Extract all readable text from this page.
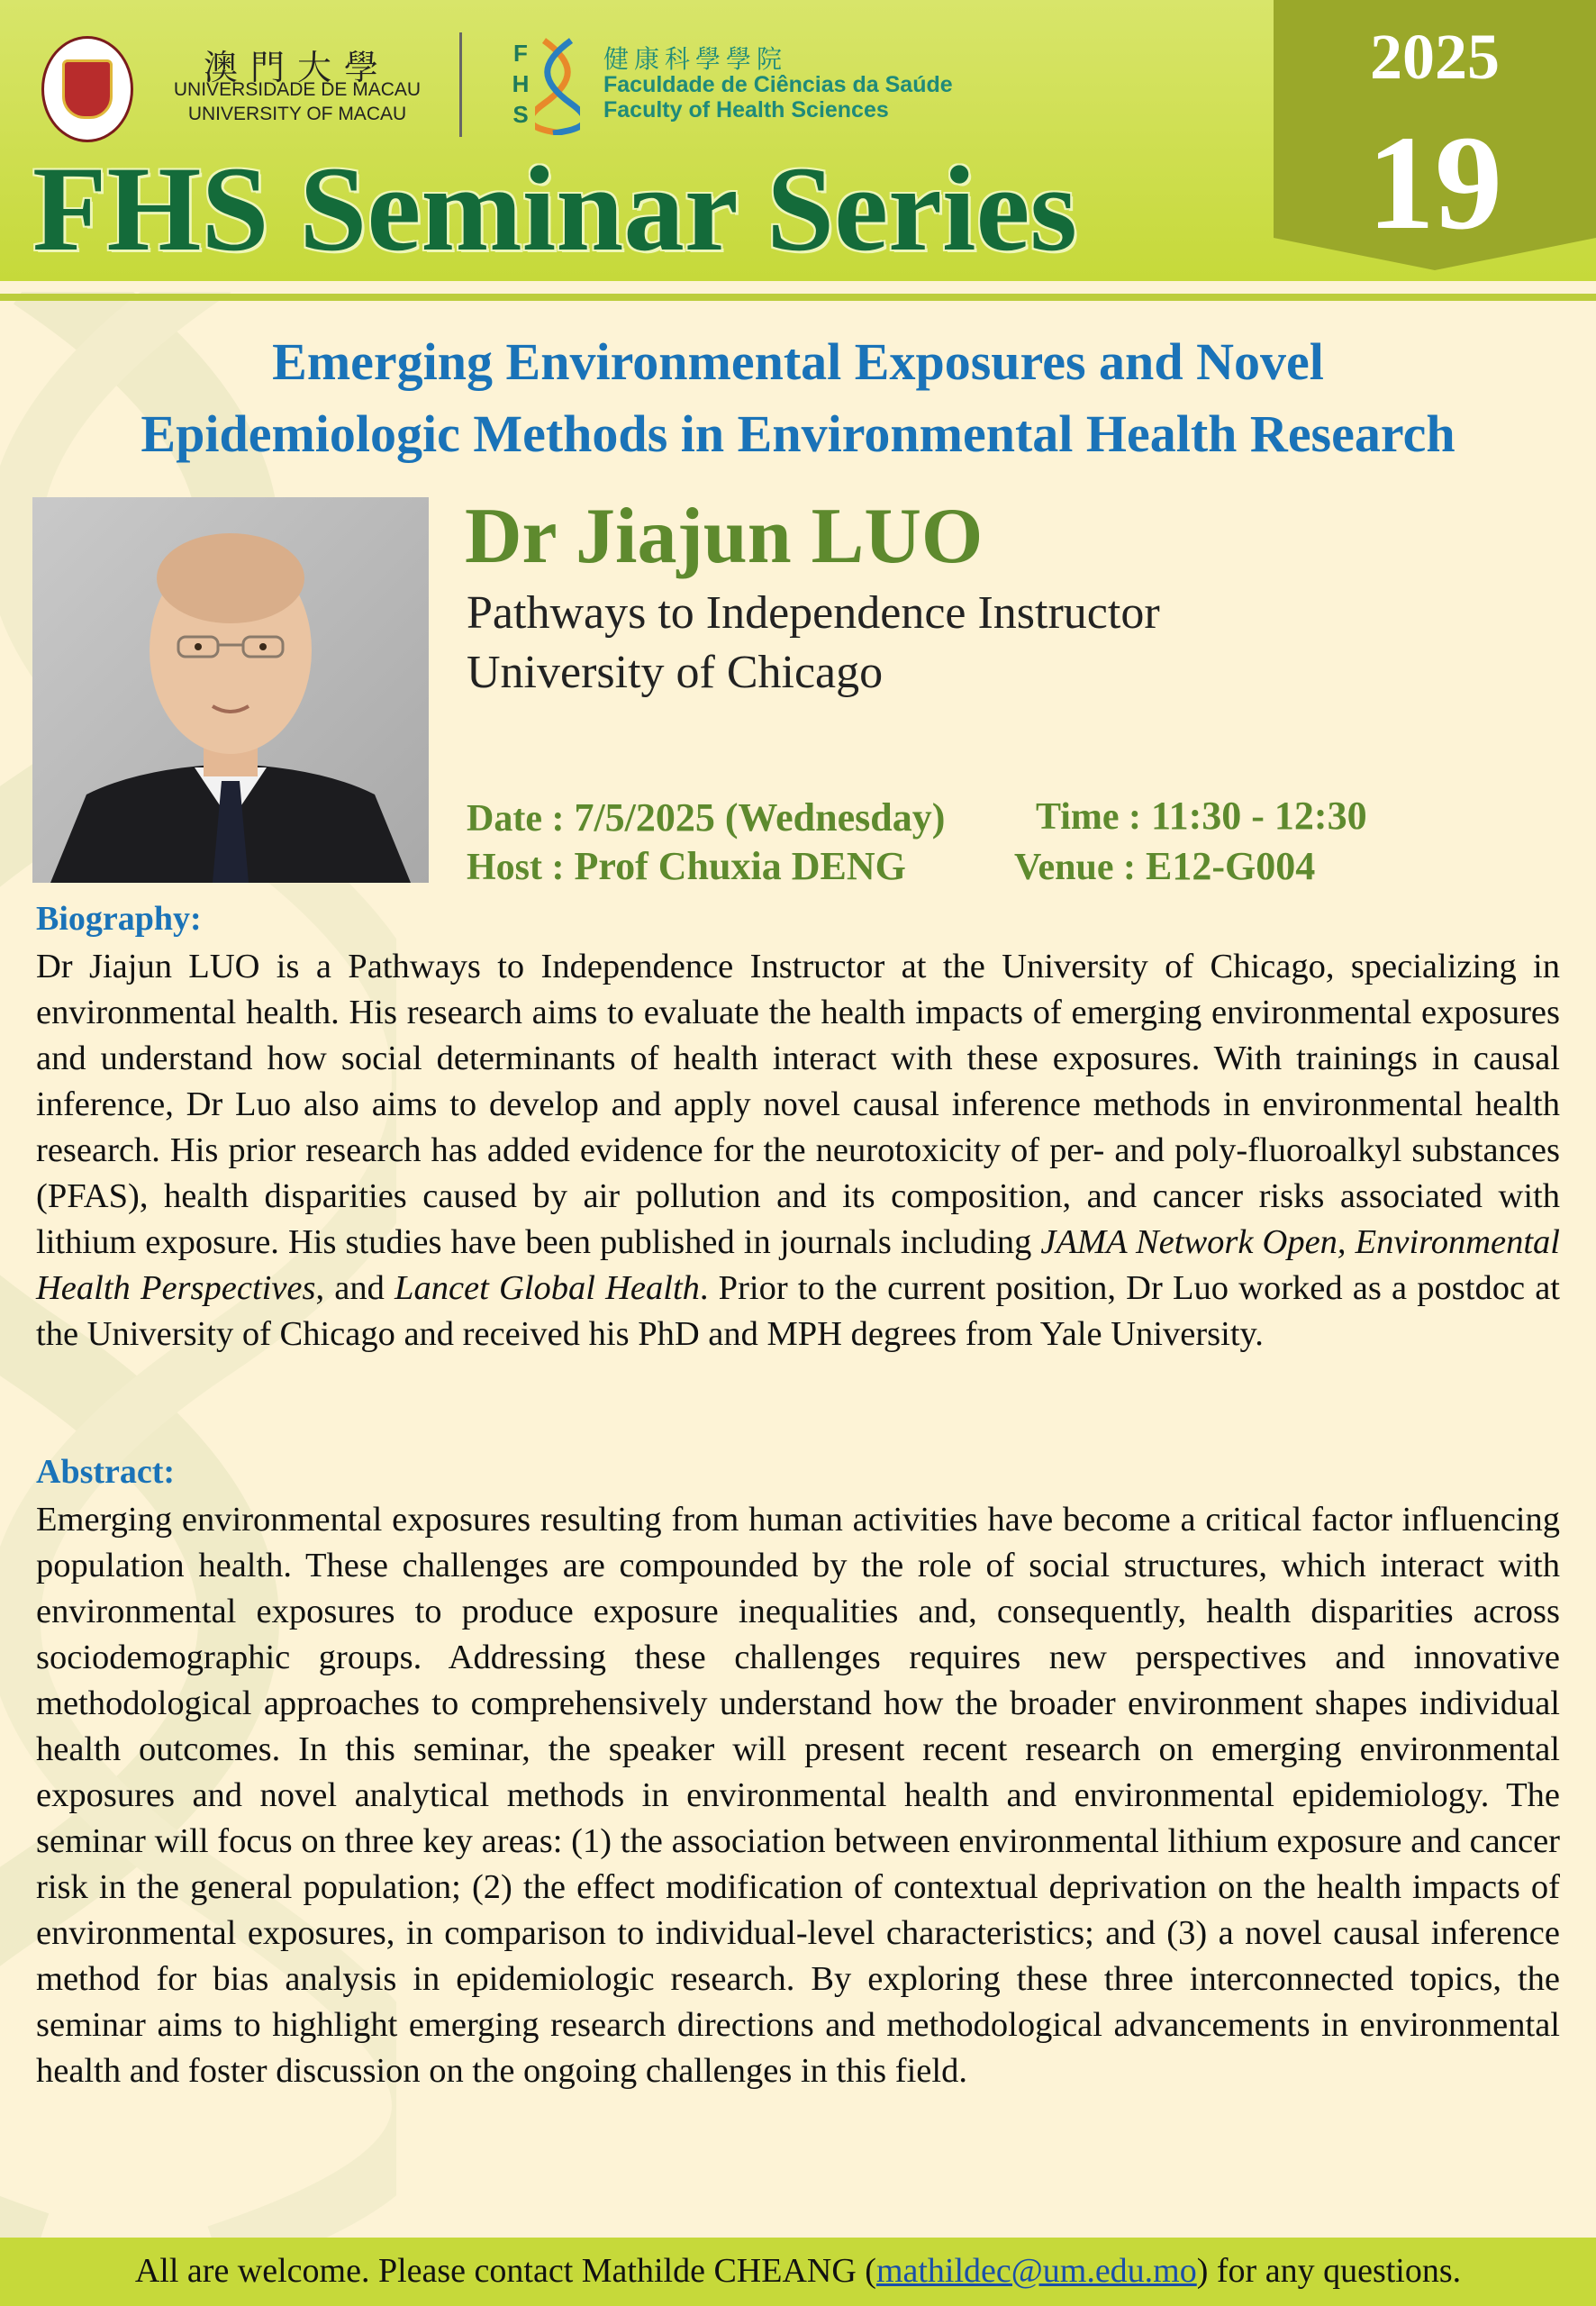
澳門大學
UNIVERSIDADE DE MACAU
UNIVERSITY OF MACAU
F
H
S
健康科學學院
Faculdade de Ciências da Saúde
Faculty of Health Sciences
FHS Seminar Series
2025
19
Emerging Environmental Exposures and Novel
Epidemiologic Methods in Environmental Health Research
Dr Jiajun LUO
Pathways to Independence Instructor
University of Chicago
Date : 7/5/2025 (Wednesday) Time : 11:30 - 12:30
Host : Prof Chuxia DENG	Venue : E12-G004
Biography:
Dr Jiajun LUO is a Pathways to Independence Instructor at the University of Chicago, specializing in environmental health. His research aims to evaluate the health impacts of emerging environmental exposures and understand how social determinants of health interact with these exposures. With trainings in causal inference, Dr Luo also aims to develop and apply novel causal inference methods in environmental health research. His prior research has added evidence for the neurotoxicity of per- and poly-fluoroalkyl substances (PFAS), health disparities caused by air pollution and its composition, and cancer risks associated with lithium exposure. His studies have been published in journals including JAMA Network Open, Environmental Health Perspectives, and Lancet Global Health. Prior to the current position, Dr Luo worked as a postdoc at the University of Chicago and received his PhD and MPH degrees from Yale University.
Abstract:
Emerging environmental exposures resulting from human activities have become a critical factor influencing population health. These challenges are compounded by the role of social structures, which interact with environmental exposures to produce exposure inequalities and, consequently, health disparities across sociodemographic groups. Addressing these challenges requires new perspectives and innovative methodological approaches to comprehensively understand how the broader environment shapes individual health outcomes. In this seminar, the speaker will present recent research on emerging environmental exposures and novel analytical methods in environmental health and environmental epidemiology. The seminar will focus on three key areas: (1) the association between environmental lithium exposure and cancer risk in the general population; (2) the effect modification of contextual deprivation on the health impacts of environmental exposures, in comparison to individual-level characteristics; and (3) a novel causal inference method for bias analysis in epidemiologic research. By exploring these three interconnected topics, the seminar aims to highlight emerging research directions and methodological advancements in environmental health and foster discussion on the ongoing challenges in this field.
All are welcome. Please contact Mathilde CHEANG (mathildec@um.edu.mo) for any questions.
